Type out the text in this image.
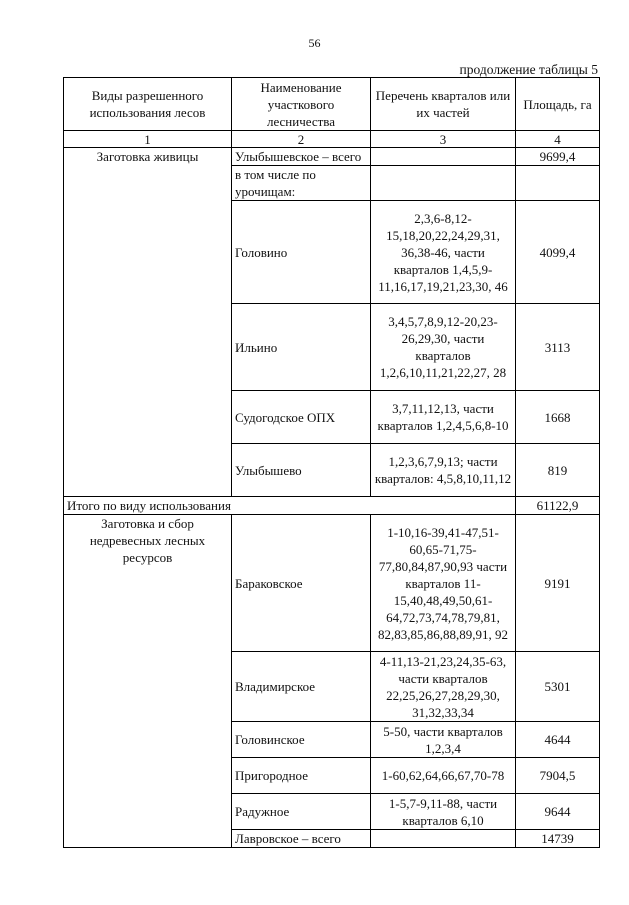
56
продолжение таблицы 5
Виды разрешенного использования лесов	Наименование участкового лесничества	Перечень кварталов или их частей	Площадь, га
1	2	3	4
Заготовка живицы	Улыбышевское – всего		9699,4
	в том числе по урочищам:		
	Головино	2,3,6-8,12-15,18,20,22,24,29,31, 36,38-46, части кварталов 1,4,5,9-11,16,17,19,21,23,30, 46	4099,4
	Ильино	3,4,5,7,8,9,12-20,23-26,29,30, части кварталов 1,2,6,10,11,21,22,27, 28	3113
	Судогодское ОПХ	3,7,11,12,13, части кварталов 1,2,4,5,6,8-10	1668
	Улыбышево	1,2,3,6,7,9,13; части кварталов: 4,5,8,10,11,12	819
Итого по виду использования			61122,9
Заготовка и сбор недревесных лесных ресурсов	Бараковское	1-10,16-39,41-47,51-60,65-71,75-77,80,84,87,90,93 части кварталов 11-15,40,48,49,50,61-64,72,73,74,78,79,81, 82,83,85,86,88,89,91, 92	9191
	Владимирское	4-11,13-21,23,24,35-63, части кварталов 22,25,26,27,28,29,30, 31,32,33,34	5301
	Головинское	5-50, части кварталов 1,2,3,4	4644
	Пригородное	1-60,62,64,66,67,70-78	7904,5
	Радужное	1-5,7-9,11-88, части кварталов 6,10	9644
	Лавровское – всего		14739
